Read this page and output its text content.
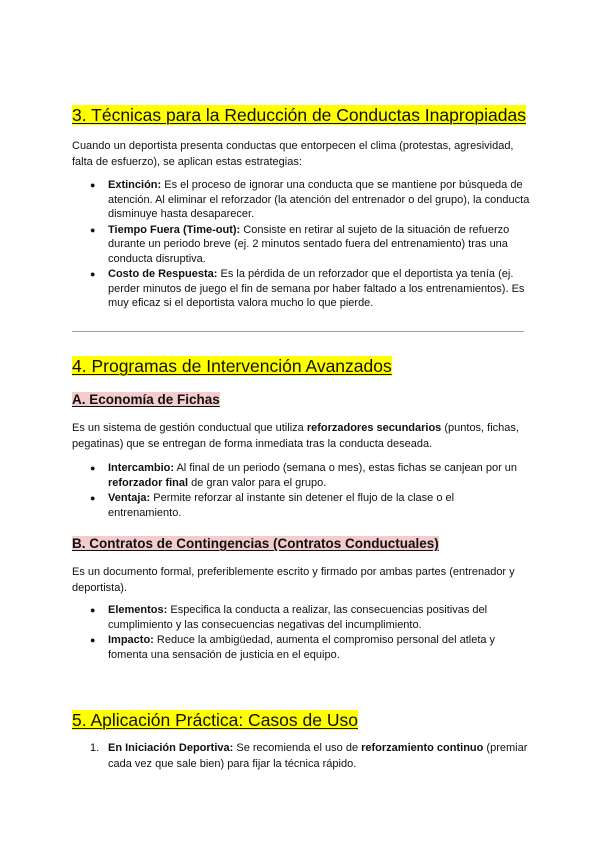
3. Técnicas para la Reducción de Conductas Inapropiadas

Cuando un deportista presenta conductas que entorpecen el clima (protestas, agresividad, falta de esfuerzo), se aplican estas estrategias:

● Extinción: Es el proceso de ignorar una conducta que se mantiene por búsqueda de atención. Al eliminar el reforzador (la atención del entrenador o del grupo), la conducta disminuye hasta desaparecer.
● Tiempo Fuera (Time-out): Consiste en retirar al sujeto de la situación de refuerzo durante un periodo breve (ej. 2 minutos sentado fuera del entrenamiento) tras una conducta disruptiva.
● Costo de Respuesta: Es la pérdida de un reforzador que el deportista ya tenía (ej. perder minutos de juego el fin de semana por haber faltado a los entrenamientos). Es muy eficaz si el deportista valora mucho lo que pierde.
4. Programas de Intervención Avanzados
A. Economía de Fichas

Es un sistema de gestión conductual que utiliza reforzadores secundarios (puntos, fichas, pegatinas) que se entregan de forma inmediata tras la conducta deseada.

● Intercambio: Al final de un periodo (semana o mes), estas fichas se canjean por un reforzador final de gran valor para el grupo.
● Ventaja: Permite reforzar al instante sin detener el flujo de la clase o el entrenamiento.
B. Contratos de Contingencias (Contratos Conductuales)

Es un documento formal, preferiblemente escrito y firmado por ambas partes (entrenador y deportista).

● Elementos: Especifica la conducta a realizar, las consecuencias positivas del cumplimiento y las consecuencias negativas del incumplimiento.
● Impacto: Reduce la ambigüedad, aumenta el compromiso personal del atleta y fomenta una sensación de justicia en el equipo.
5. Aplicación Práctica: Casos de Uso
1. En Iniciación Deportiva: Se recomienda el uso de reforzamiento continuo (premiar cada vez que sale bien) para fijar la técnica rápido.
